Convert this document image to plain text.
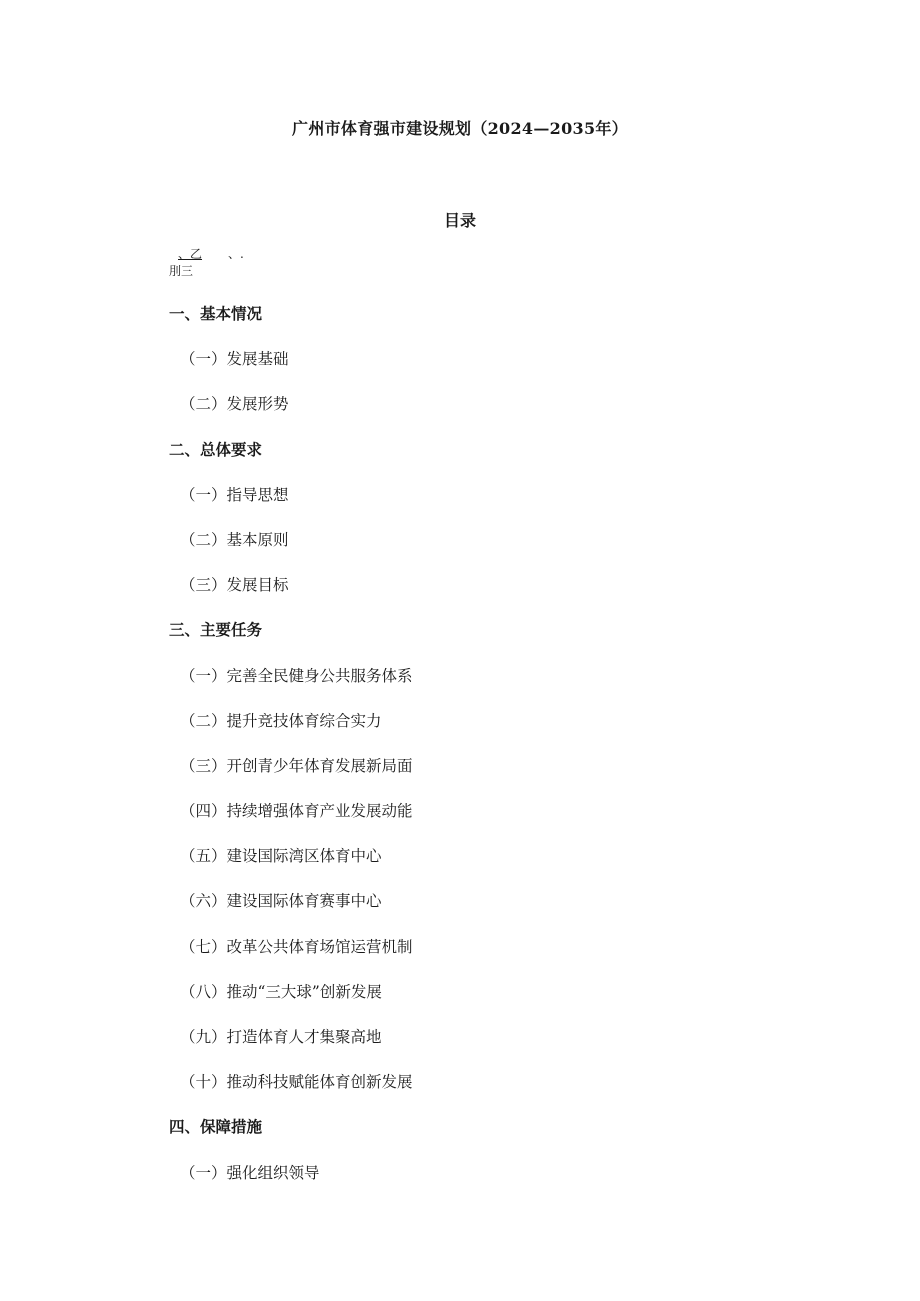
广州市体育强市建设规划（2024—2035年）
目录
、乙 、.
刖三
一、基本情况
（一）发展基础
（二）发展形势
二、总体要求
（一）指导思想
（二）基本原则
（三）发展目标
三、主要任务
（一）完善全民健身公共服务体系
（二）提升竞技体育综合实力
（三）开创青少年体育发展新局面
（四）持续增强体育产业发展动能
（五）建设国际湾区体育中心
（六）建设国际体育赛事中心
（七）改革公共体育场馆运营机制
（八）推动“三大球”创新发展
（九）打造体育人才集聚高地
（十）推动科技赋能体育创新发展
四、保障措施
（一）强化组织领导
